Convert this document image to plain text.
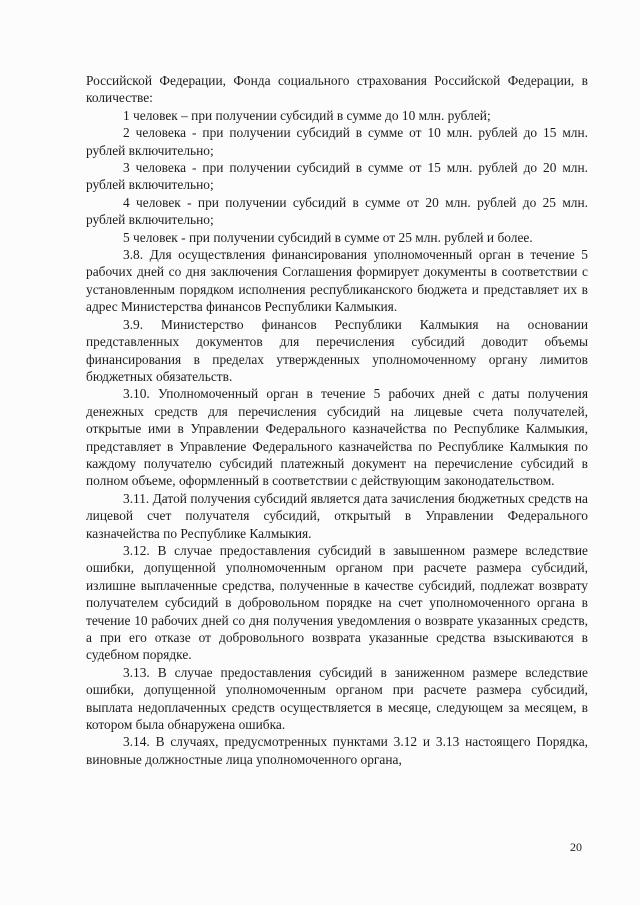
Российской Федерации, Фонда социального страхования Российской Федерации, в количестве:

1 человек – при получении субсидий в сумме до 10 млн. рублей;

2 человека - при получении субсидий в сумме от 10 млн. рублей до 15 млн. рублей включительно;

3 человека - при получении субсидий в сумме от 15 млн. рублей до 20 млн. рублей включительно;

4 человек - при получении субсидий в сумме от 20 млн. рублей до 25 млн. рублей включительно;

5 человек - при получении субсидий в сумме от 25 млн. рублей и более.

3.8. Для осуществления финансирования уполномоченный орган в течение 5 рабочих дней со дня заключения Соглашения формирует документы в соответствии с установленным порядком исполнения республиканского бюджета и представляет их в адрес Министерства финансов Республики Калмыкия.

3.9. Министерство финансов Республики Калмыкия на основании представленных документов для перечисления субсидий доводит объемы финансирования в пределах утвержденных уполномоченному органу лимитов бюджетных обязательств.

3.10. Уполномоченный орган в течение 5 рабочих дней с даты получения денежных средств для перечисления субсидий на лицевые счета получателей, открытые ими в Управлении Федерального казначейства по Республике Калмыкия, представляет в Управление Федерального казначейства по Республике Калмыкия по каждому получателю субсидий платежный документ на перечисление субсидий в полном объеме, оформленный в соответствии с действующим законодательством.

3.11. Датой получения субсидий является дата зачисления бюджетных средств на лицевой счет получателя субсидий, открытый в Управлении Федерального казначейства по Республике Калмыкия.

3.12. В случае предоставления субсидий в завышенном размере вследствие ошибки, допущенной уполномоченным органом при расчете размера субсидий, излишне выплаченные средства, полученные в качестве субсидий, подлежат возврату получателем субсидий в добровольном порядке на счет уполномоченного органа в течение 10 рабочих дней со дня получения уведомления о возврате указанных средств, а при его отказе от добровольного возврата указанные средства взыскиваются в судебном порядке.

3.13. В случае предоставления субсидий в заниженном размере вследствие ошибки, допущенной уполномоченным органом при расчете размера субсидий, выплата недоплаченных средств осуществляется в месяце, следующем за месяцем, в котором была обнаружена ошибка.

3.14. В случаях, предусмотренных пунктами 3.12 и 3.13 настоящего Порядка, виновные должностные лица уполномоченного органа,

20
